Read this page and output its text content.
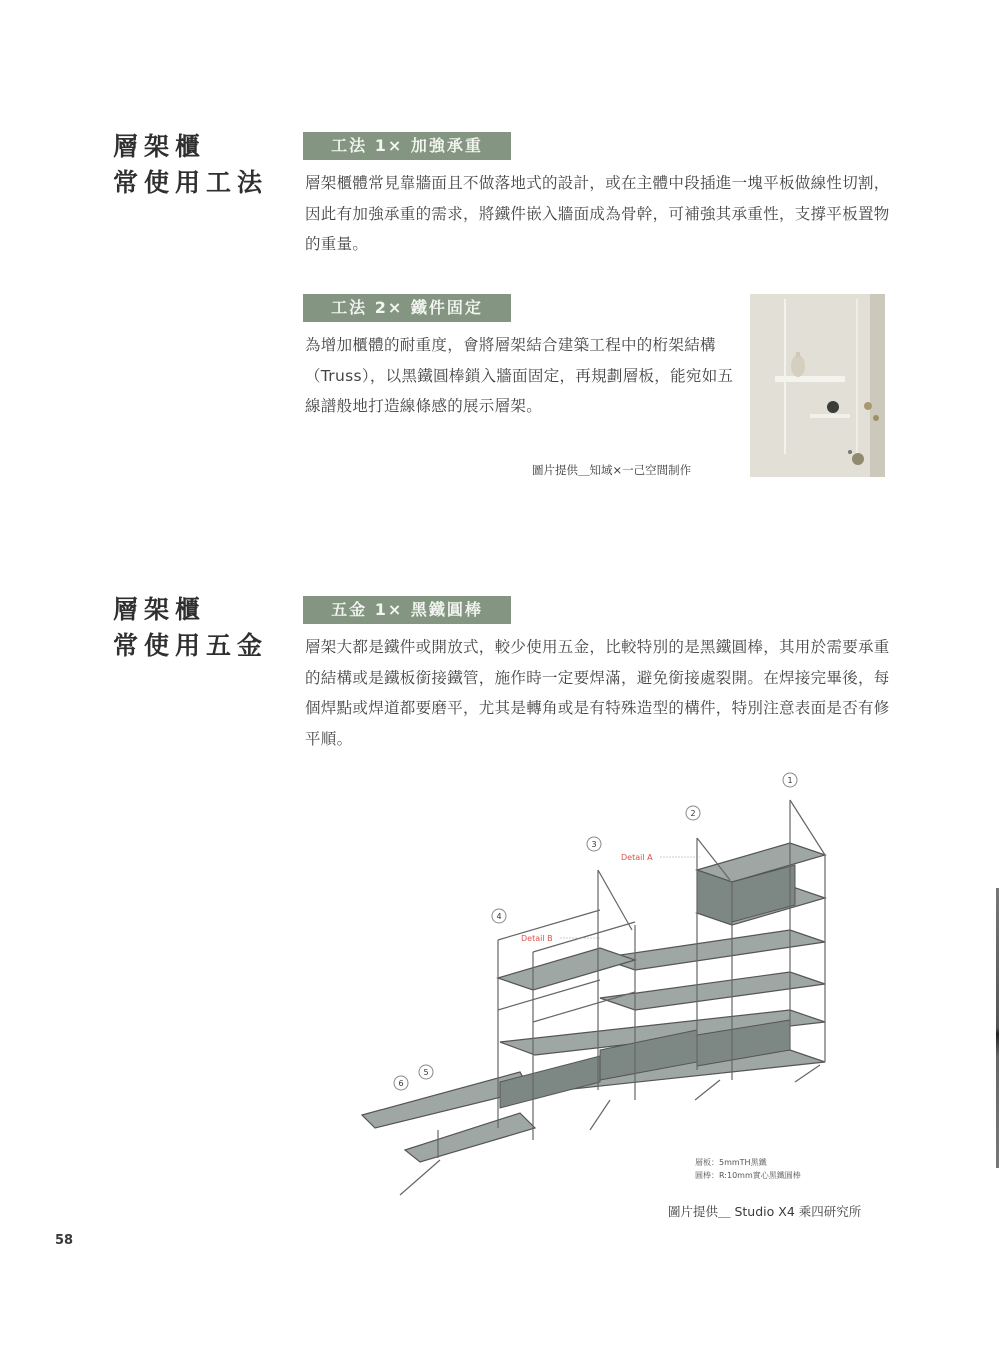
層架櫃
常使用工法
工法 1× 加強承重
層架櫃體常見靠牆面且不做落地式的設計，或在主體中段插進一塊平板做線性切割，因此有加強承重的需求，將鐵件嵌入牆面成為骨幹，可補強其承重性，支撐平板置物的重量。
工法 2× 鐵件固定
為增加櫃體的耐重度，會將層架結合建築工程中的桁架結構（Truss），以黑鐵圓棒鎖入牆面固定，再規劃層板，能宛如五線譜般地打造線條感的展示層架。
圖片提供＿知域×一己空間制作
層架櫃
常使用五金
五金 1× 黑鐵圓棒
層架大都是鐵件或開放式，較少使用五金，比較特別的是黑鐵圓棒，其用於需要承重的結構或是鐵板銜接鐵管，施作時一定要焊滿，避免銜接處裂開。在焊接完畢後，每個焊點或焊道都要磨平，尤其是轉角或是有特殊造型的構件，特別注意表面是否有修平順。
1
2
3
4
5
6
Detail A
Detail B
層板：5mmTH黑鐵
圓棒：R:10mm實心黑鐵圓棒
圖片提供＿ Studio X4 乘四研究所
58
